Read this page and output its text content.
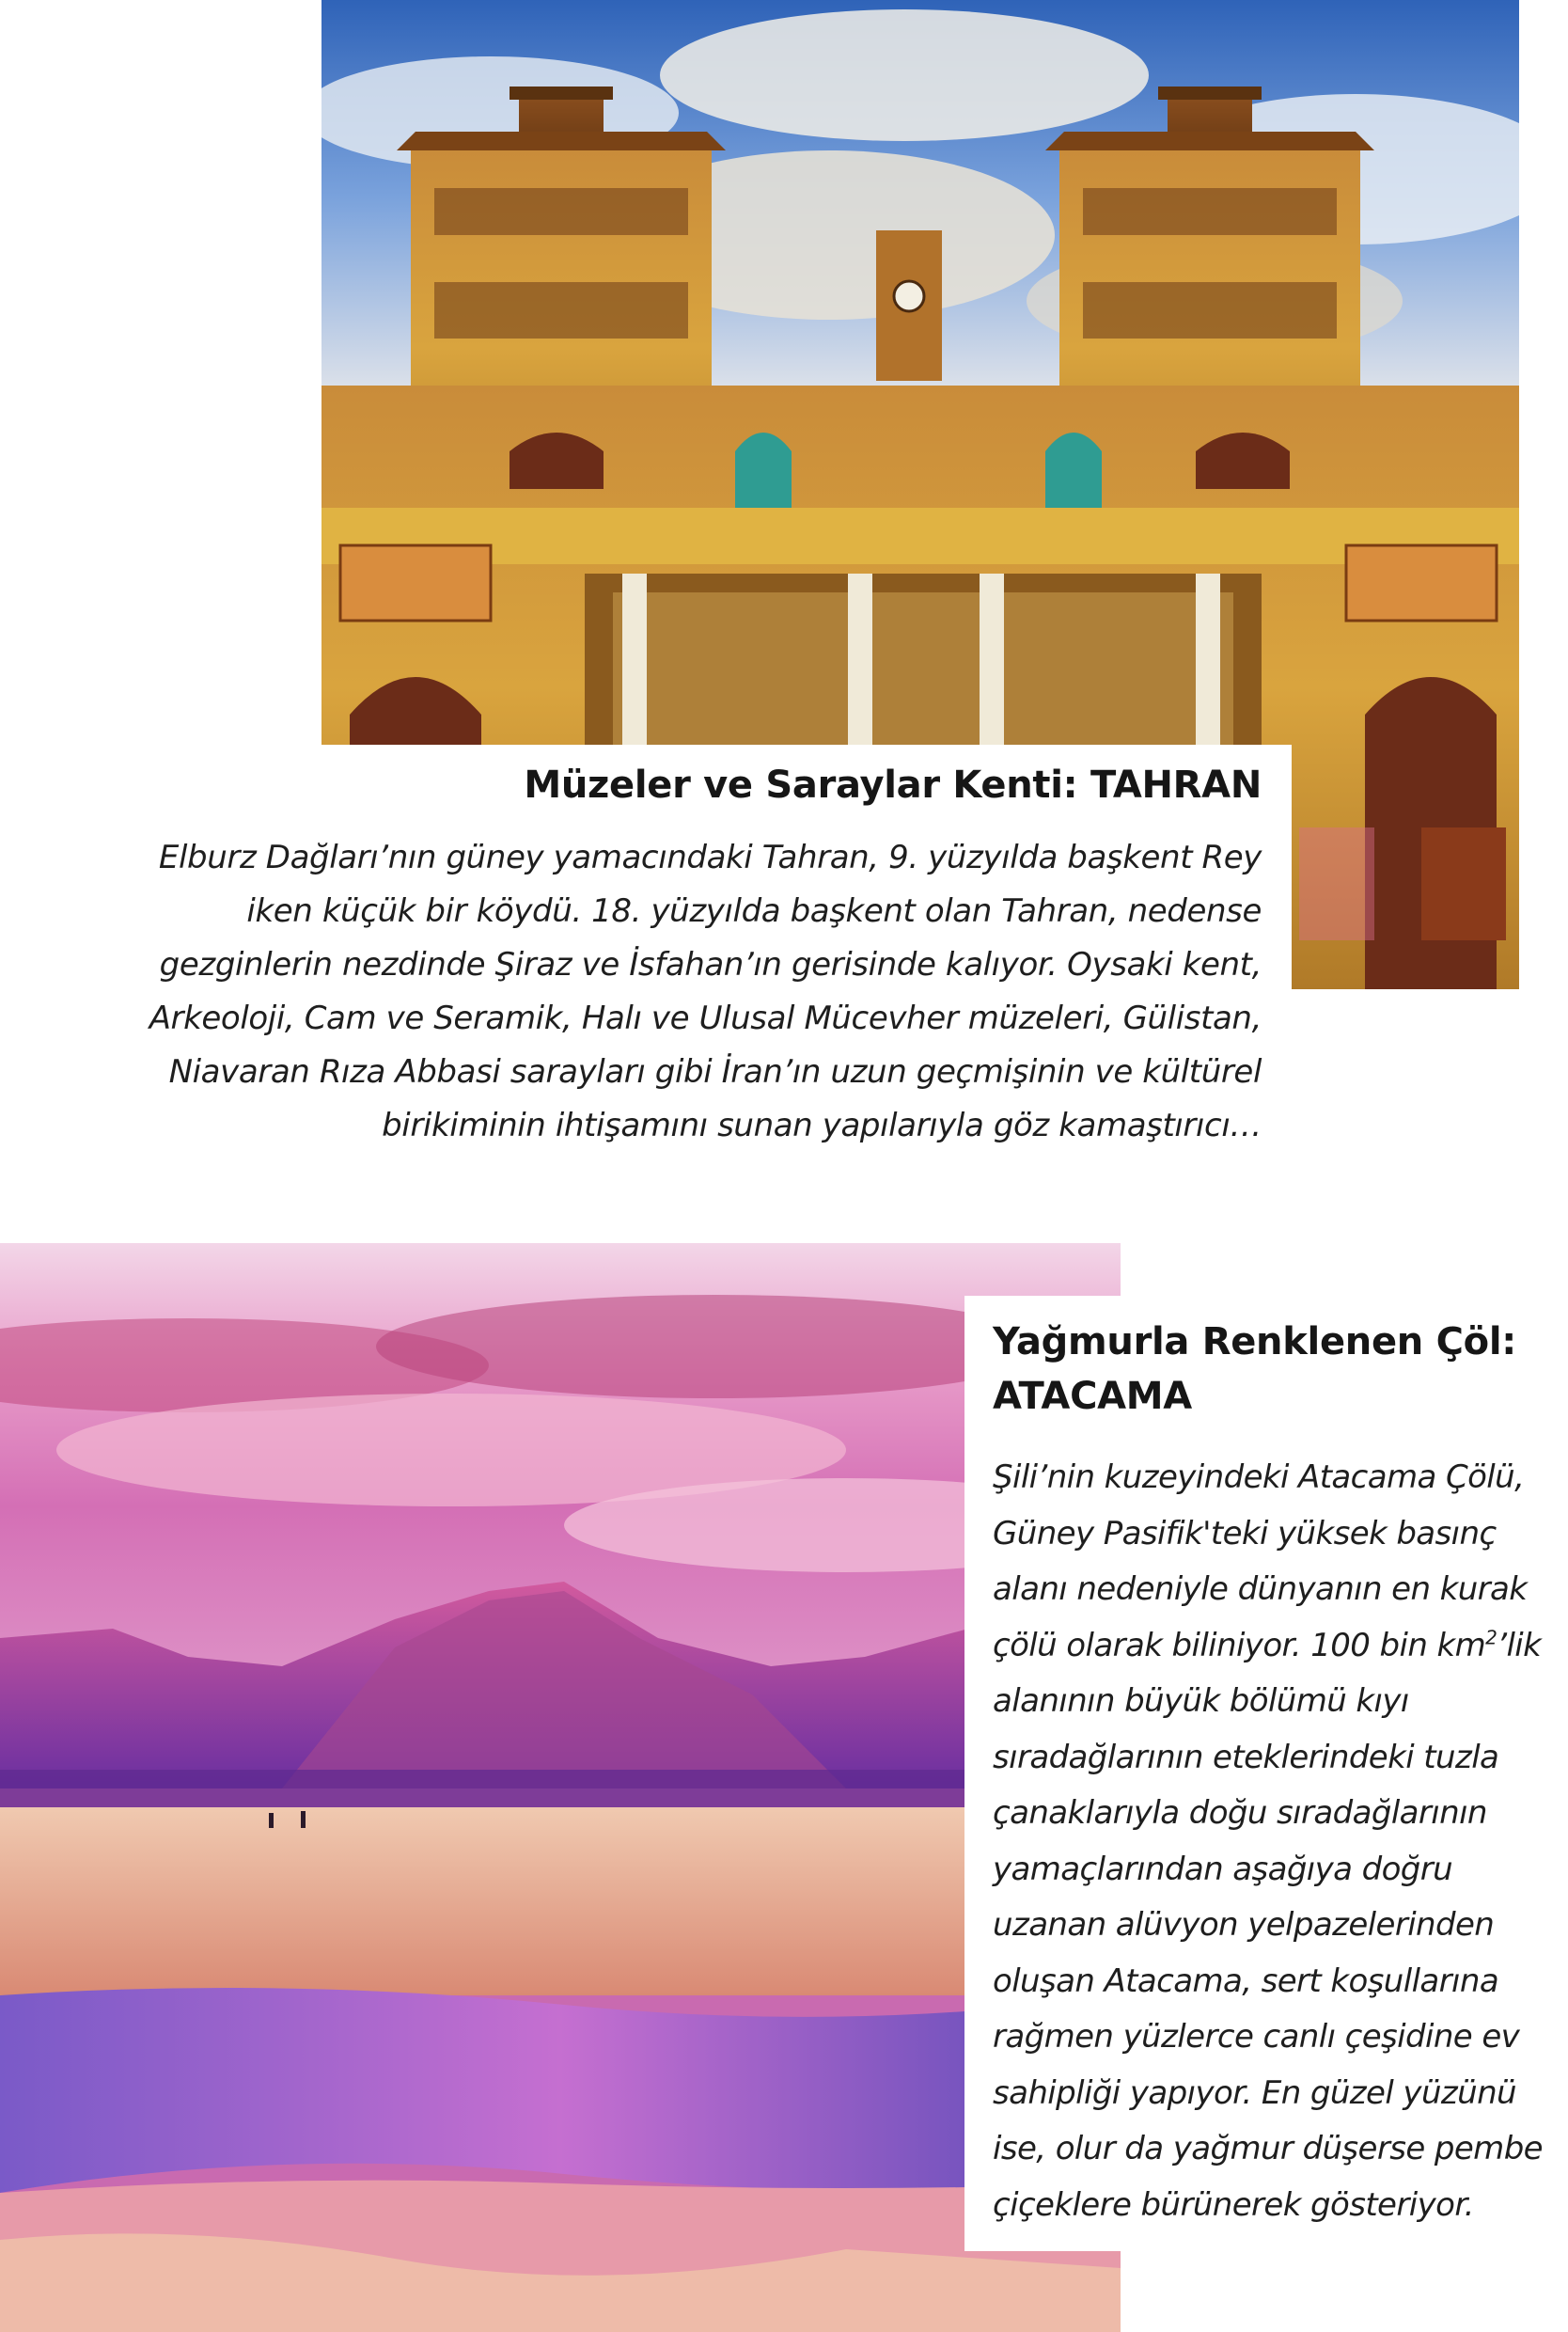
Müzeler ve Saraylar Kenti: TAHRAN

Elburz Dağları’nın güney yamacındaki Tahran, 9. yüzyılda başkent Rey
iken küçük bir köydü. 18. yüzyılda başkent olan Tahran, nedense
gezginlerin nezdinde Şiraz ve İsfahan’ın gerisinde kalıyor. Oysaki kent,
Arkeoloji, Cam ve Seramik, Halı ve Ulusal Mücevher müzeleri, Gülistan,
Niavaran Rıza Abbasi sarayları gibi İran’ın uzun geçmişinin ve kültürel
birikiminin ihtişamını sunan yapılarıyla göz kamaştırıcı…

Yağmurla Renklenen Çöl:
ATACAMA

Şili’nin kuzeyindeki Atacama Çölü,
Güney Pasifik'teki yüksek basınç
alanı nedeniyle dünyanın en kurak
çölü olarak biliniyor. 100 bin $km^2’lik$
alanının büyük bölümü kıyı
sıradağlarının eteklerindeki tuzla
çanaklarıyla doğu sıradağlarının
yamaçlarından aşağıya doğru
uzanan alüvyon yelpazelerinden
oluşan Atacama, sert koşullarına
rağmen yüzlerce canlı çeşidine ev
sahipliği yapıyor. En güzel yüzünü
ise, olur da yağmur düşerse pembe
çiçeklere bürünerek gösteriyor.
